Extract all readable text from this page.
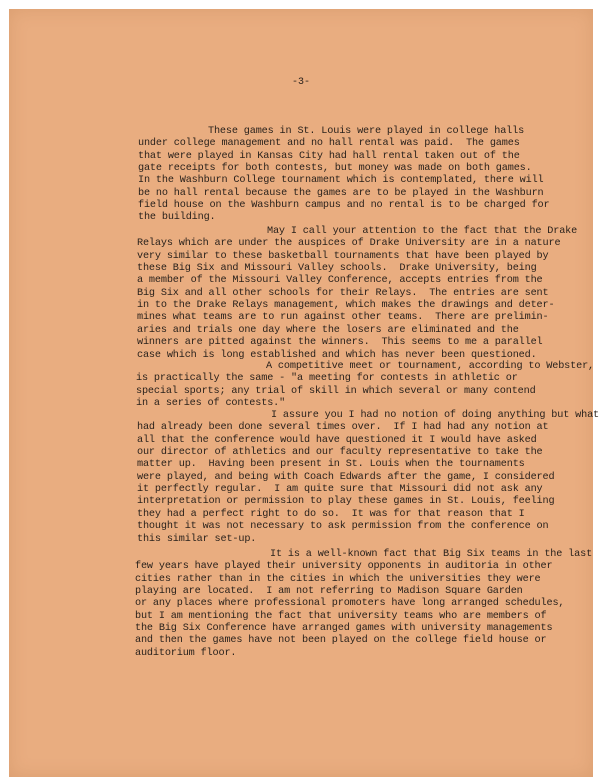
-3-
These games in St. Louis were played in college halls
under college management and no hall rental was paid.  The games
that were played in Kansas City had hall rental taken out of the
gate receipts for both contests, but money was made on both games.
In the Washburn College tournament which is contemplated, there will
be no hall rental because the games are to be played in the Washburn
field house on the Washburn campus and no rental is to be charged for
the building.
May I call your attention to the fact that the Drake
Relays which are under the auspices of Drake University are in a nature
very similar to these basketball tournaments that have been played by
these Big Six and Missouri Valley schools.  Drake University, being
a member of the Missouri Valley Conference, accepts entries from the
Big Six and all other schools for their Relays.  The entries are sent
in to the Drake Relays management, which makes the drawings and deter-
mines what teams are to run against other teams.  There are prelimin-
aries and trials one day where the losers are eliminated and the
winners are pitted against the winners.  This seems to me a parallel
case which is long established and which has never been questioned.
A competitive meet or tournament, according to Webster,
is practically the same - "a meeting for contests in athletic or
special sports; any trial of skill in which several or many contend
in a series of contests."
I assure you I had no notion of doing anything but what
had already been done several times over.  If I had had any notion at
all that the conference would have questioned it I would have asked
our director of athletics and our faculty representative to take the
matter up.  Having been present in St. Louis when the tournaments
were played, and being with Coach Edwards after the game, I considered
it perfectly regular.  I am quite sure that Missouri did not ask any
interpretation or permission to play these games in St. Louis, feeling
they had a perfect right to do so.  It was for that reason that I
thought it was not necessary to ask permission from the conference on
this similar set-up.
It is a well-known fact that Big Six teams in the last
few years have played their university opponents in auditoria in other
cities rather than in the cities in which the universities they were
playing are located.  I am not referring to Madison Square Garden
or any places where professional promoters have long arranged schedules,
but I am mentioning the fact that university teams who are members of
the Big Six Conference have arranged games with university managements
and then the games have not been played on the college field house or
auditorium floor.
